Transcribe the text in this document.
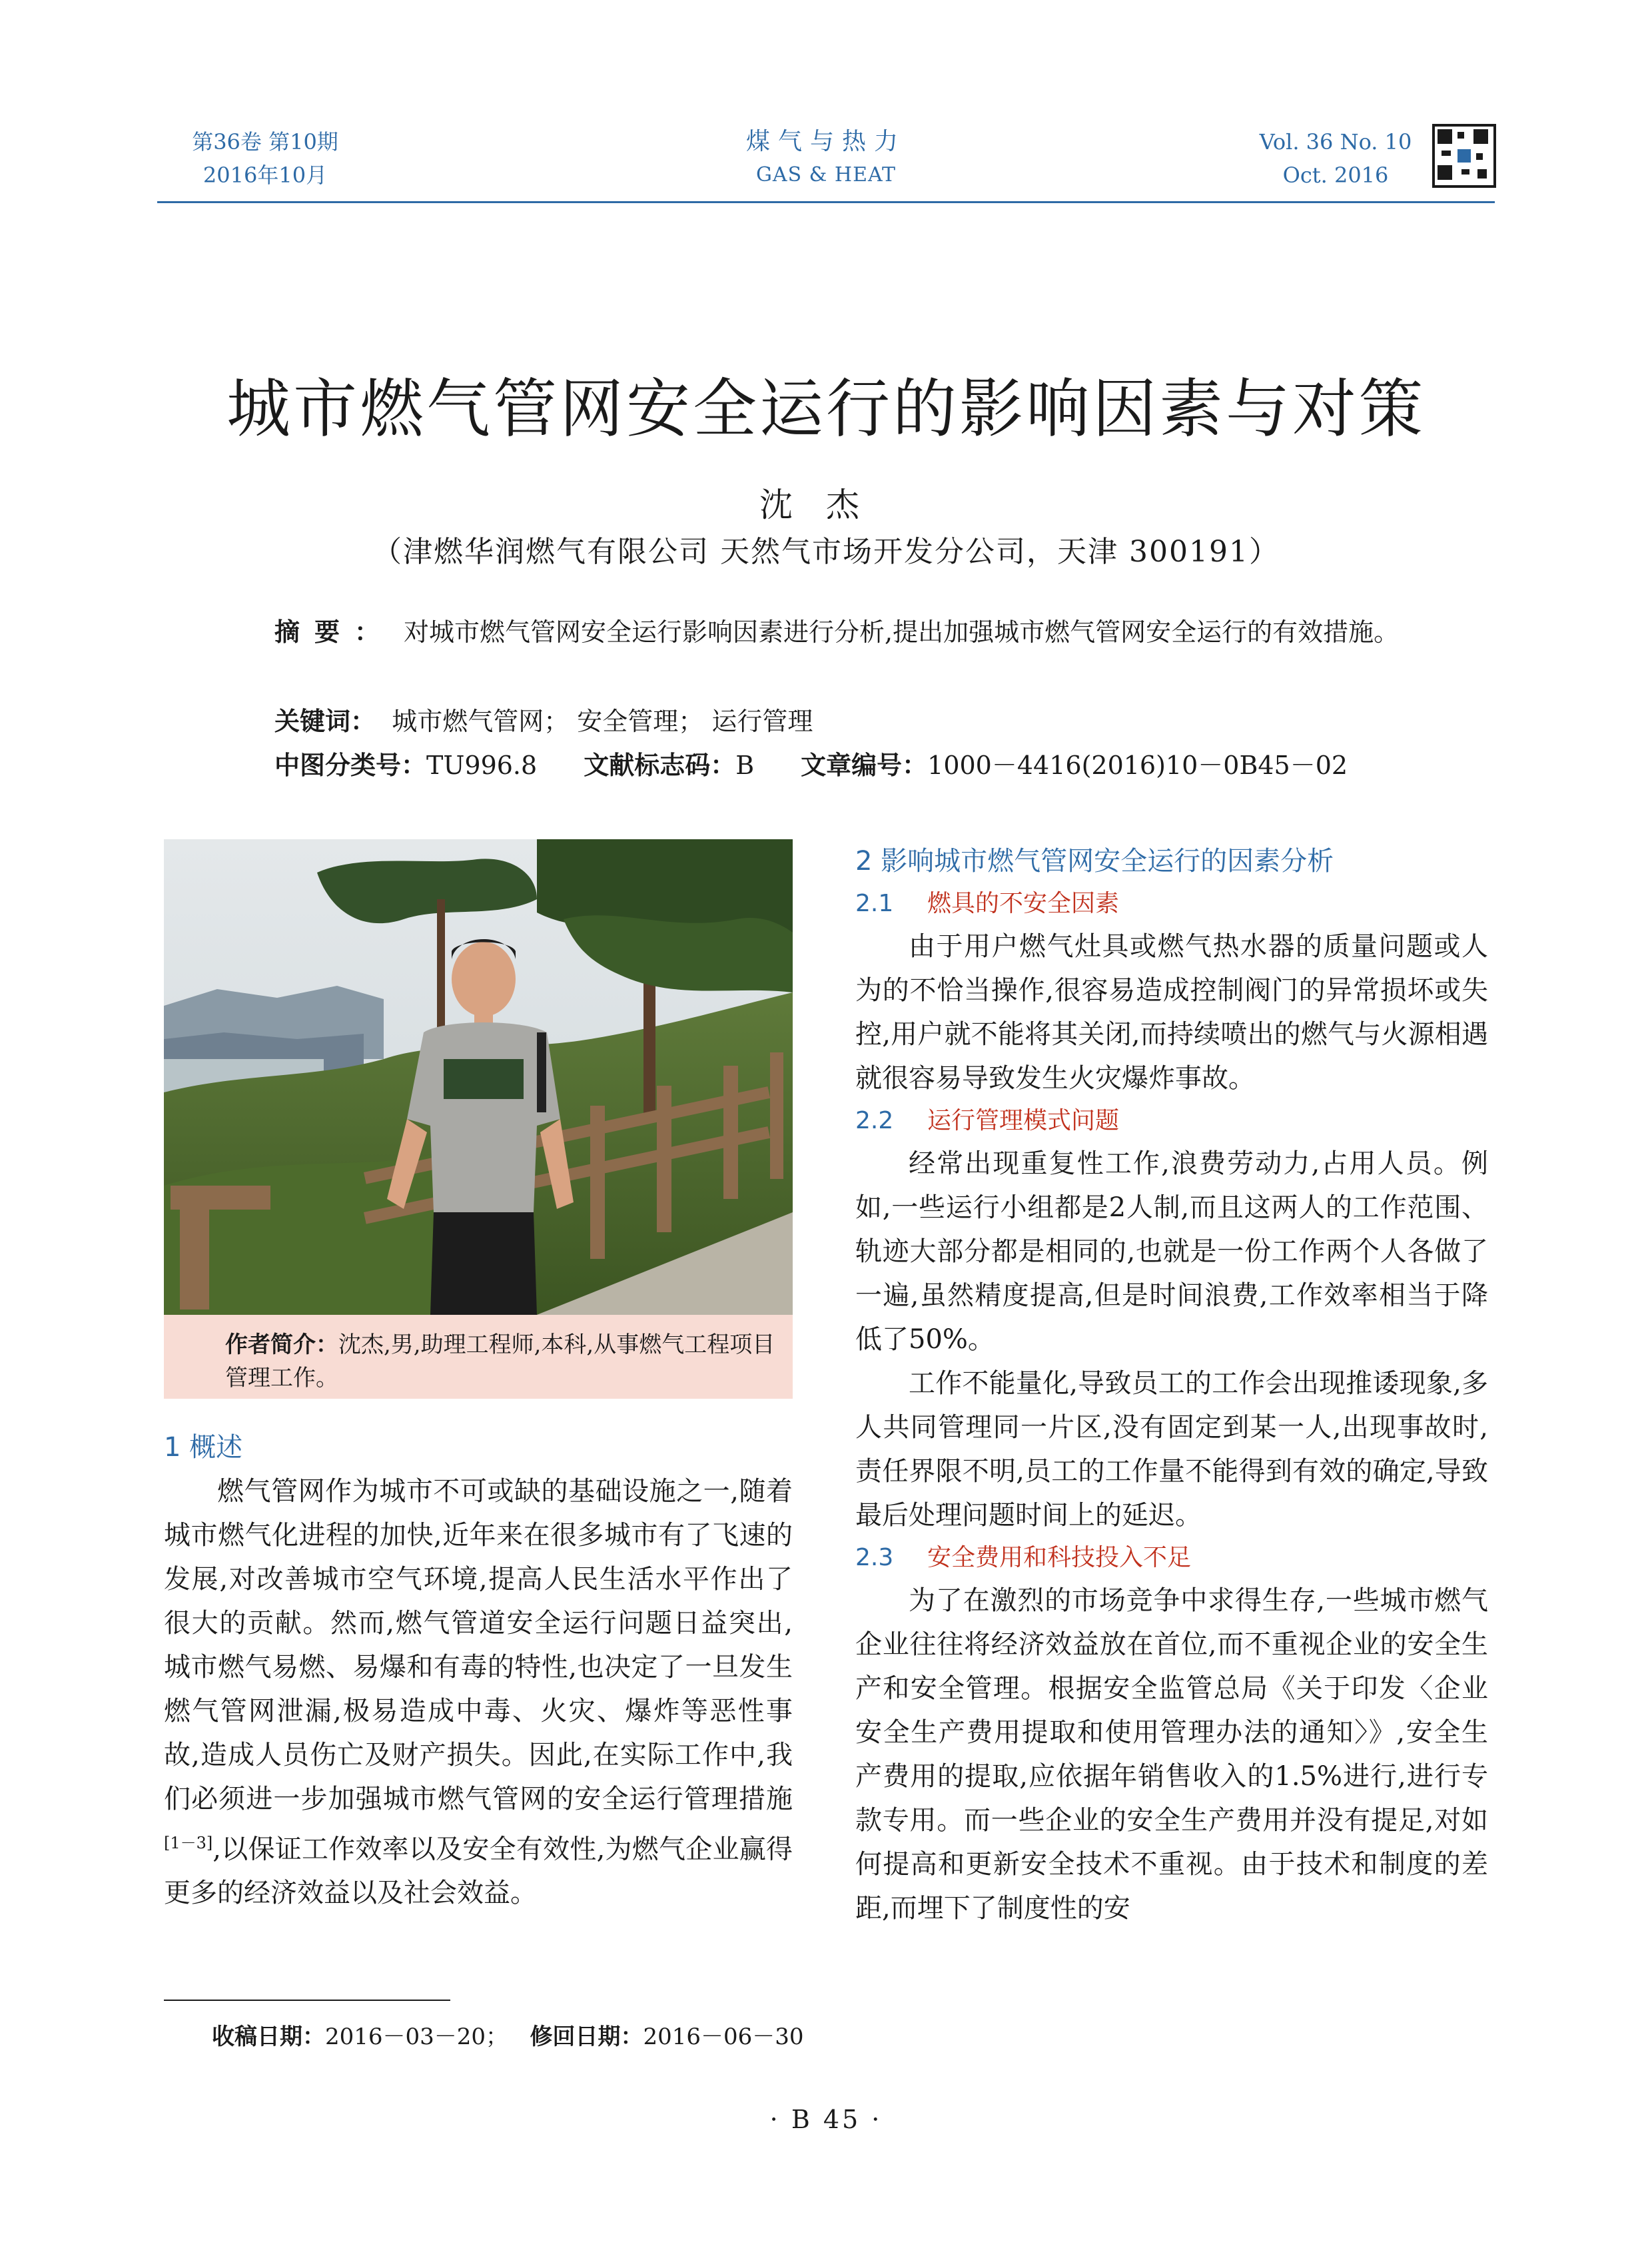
第36卷 第10期
2016年10月
煤气与热力
GAS & HEAT
Vol. 36 No. 10
Oct. 2016
城市燃气管网安全运行的影响因素与对策
沈杰
（津燃华润燃气有限公司 天然气市场开发分公司，天津 300191）
摘要： 对城市燃气管网安全运行影响因素进行分析,提出加强城市燃气管网安全运行的有效措施。
关键词： 城市燃气管网； 安全管理； 运行管理
中图分类号：TU996.8 文献标志码：B 文章编号：1000－4416(2016)10－0B45－02
作者简介：沈杰,男,助理工程师,本科,从事燃气工程项目管理工作。
1 概述

燃气管网作为城市不可或缺的基础设施之一,随着城市燃气化进程的加快,近年来在很多城市有了飞速的发展,对改善城市空气环境,提高人民生活水平作出了很大的贡献。然而,燃气管道安全运行问题日益突出,城市燃气易燃、易爆和有毒的特性,也决定了一旦发生燃气管网泄漏,极易造成中毒、火灾、爆炸等恶性事故,造成人员伤亡及财产损失。因此,在实际工作中,我们必须进一步加强城市燃气管网的安全运行管理措施[1－3],以保证工作效率以及安全有效性,为燃气企业赢得更多的经济效益以及社会效益。

2 影响城市燃气管网安全运行的因素分析
2.1 燃具的不安全因素

由于用户燃气灶具或燃气热水器的质量问题或人为的不恰当操作,很容易造成控制阀门的异常损坏或失控,用户就不能将其关闭,而持续喷出的燃气与火源相遇就很容易导致发生火灾爆炸事故。

2.2 运行管理模式问题

经常出现重复性工作,浪费劳动力,占用人员。例如,一些运行小组都是2人制,而且这两人的工作范围、轨迹大部分都是相同的,也就是一份工作两个人各做了一遍,虽然精度提高,但是时间浪费,工作效率相当于降低了50%。

工作不能量化,导致员工的工作会出现推诿现象,多人共同管理同一片区,没有固定到某一人,出现事故时,责任界限不明,员工的工作量不能得到有效的确定,导致最后处理问题时间上的延迟。

2.3 安全费用和科技投入不足

为了在激烈的市场竞争中求得生存,一些城市燃气企业往往将经济效益放在首位,而不重视企业的安全生产和安全管理。根据安全监管总局《关于印发〈企业安全生产费用提取和使用管理办法的通知〉》,安全生产费用的提取,应依据年销售收入的1.5%进行,进行专款专用。而一些企业的安全生产费用并没有提足,对如何提高和更新安全技术不重视。由于技术和制度的差距,而埋下了制度性的安

收稿日期：2016－03－20； 修回日期：2016－06－30
· B 45 ·
